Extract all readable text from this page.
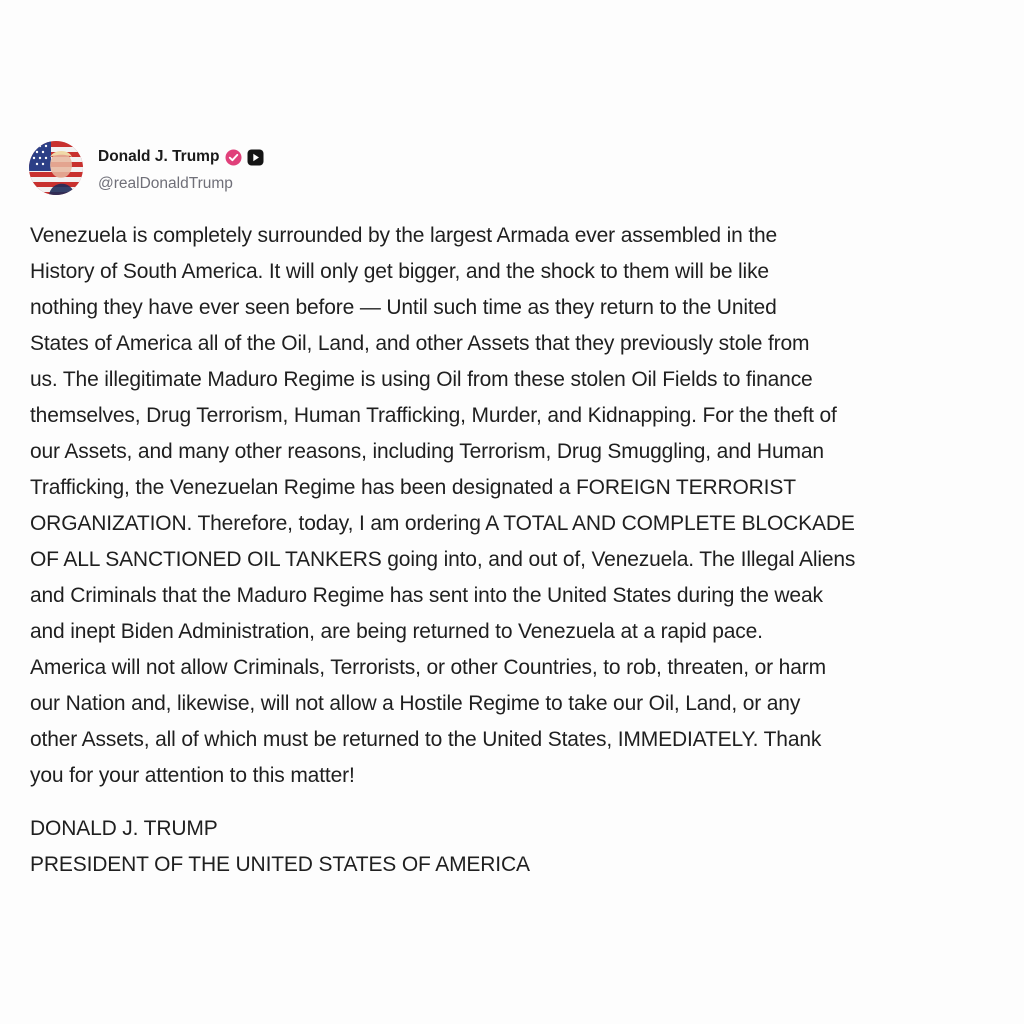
Donald J. Trump
@realDonaldTrump

Venezuela is completely surrounded by the largest Armada ever assembled in the

History of South America. It will only get bigger, and the shock to them will be like

nothing they have ever seen before — Until such time as they return to the United

States of America all of the Oil, Land, and other Assets that they previously stole from

us. The illegitimate Maduro Regime is using Oil from these stolen Oil Fields to finance

themselves, Drug Terrorism, Human Trafficking, Murder, and Kidnapping. For the theft of

our Assets, and many other reasons, including Terrorism, Drug Smuggling, and Human

Trafficking, the Venezuelan Regime has been designated a FOREIGN TERRORIST

ORGANIZATION. Therefore, today, I am ordering A TOTAL AND COMPLETE BLOCKADE

OF ALL SANCTIONED OIL TANKERS going into, and out of, Venezuela. The Illegal Aliens

and Criminals that the Maduro Regime has sent into the United States during the weak

and inept Biden Administration, are being returned to Venezuela at a rapid pace.

America will not allow Criminals, Terrorists, or other Countries, to rob, threaten, or harm

our Nation and, likewise, will not allow a Hostile Regime to take our Oil, Land, or any

other Assets, all of which must be returned to the United States, IMMEDIATELY. Thank

you for your attention to this matter!

DONALD J. TRUMP
PRESIDENT OF THE UNITED STATES OF AMERICA
